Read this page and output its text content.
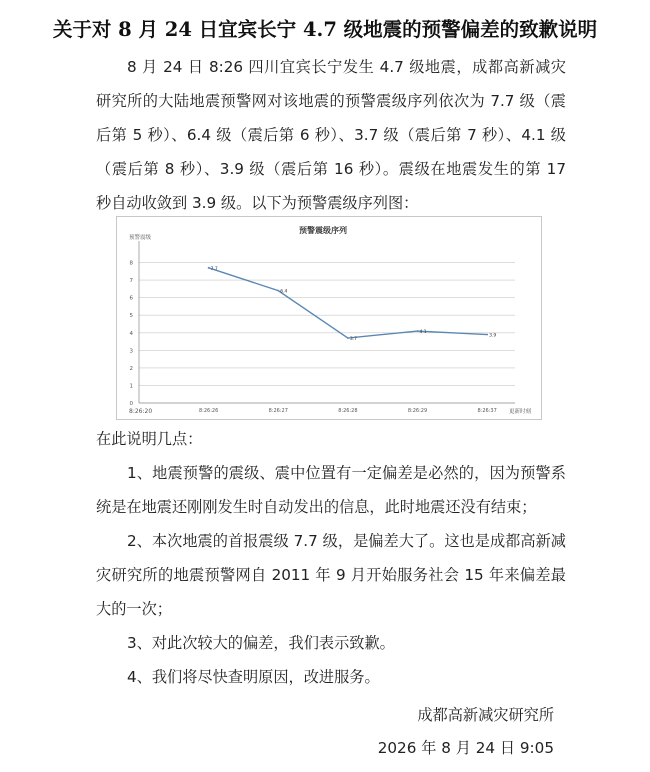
关于对 8 月 24 日宜宾长宁 4.7 级地震的预警偏差的致歉说明

8 月 24 日 8:26 四川宜宾长宁发生 4.7 级地震，成都高新减灾研究所的大陆地震预警网对该地震的预警震级序列依次为 7.7 级（震后第 5 秒）、6.4 级（震后第 6 秒）、3.7 级（震后第 7 秒）、4.1 级（震后第 8 秒）、3.9 级（震后第 16 秒）。震级在地震发生的第 17 秒自动收敛到 3.9 级。以下为预警震级序列图：

预警震级序列
预警震级
更新时刻
8:26:20
0
1
2
3
4
5
6
7
8
8:26:26	8:26:27	8:26:28	8:26:29	8:26:37
7.7
6.4
3.7
4.1
3.9
在此说明几点：

1、地震预警的震级、震中位置有一定偏差是必然的，因为预警系统是在地震还刚刚发生时自动发出的信息，此时地震还没有结束；

2、本次地震的首报震级 7.7 级，是偏差大了。这也是成都高新减灾研究所的地震预警网自 2011 年 9 月开始服务社会 15 年来偏差最大的一次；

3、对此次较大的偏差，我们表示致歉。

4、我们将尽快查明原因，改进服务。

成都高新减灾研究所
2026 年 8 月 24 日 9:05
